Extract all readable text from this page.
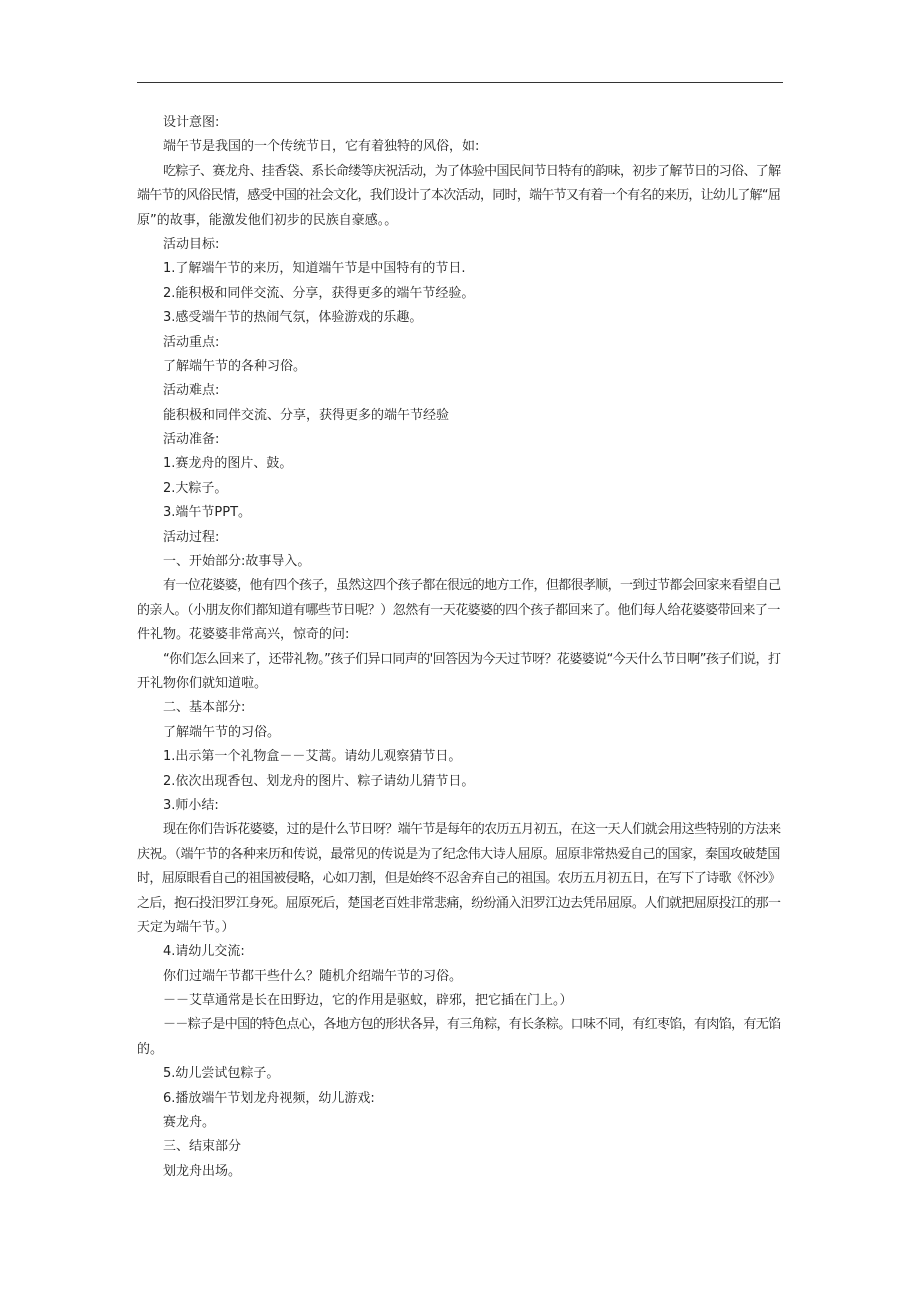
设计意图:
端午节是我国的一个传统节日，它有着独特的风俗，如:
吃粽子、赛龙舟、挂香袋、系长命缕等庆祝活动，为了体验中国民间节日特有的韵味，初步了解节日的习俗、了解
端午节的风俗民情，感受中国的社会文化，我们设计了本次活动，同时，端午节又有着一个有名的来历，让幼儿了解“屈
原”的故事，能激发他们初步的民族自豪感。。
活动目标:
1.了解端午节的来历，知道端午节是中国特有的节日.
2.能积极和同伴交流、分享，获得更多的端午节经验。
3.感受端午节的热闹气氛，体验游戏的乐趣。
活动重点:
了解端午节的各种习俗。
活动难点:
能积极和同伴交流、分享，获得更多的端午节经验
活动准备:
1.赛龙舟的图片、鼓。
2.大粽子。
3.端午节PPT。
活动过程:
一、开始部分:故事导入。
有一位花婆婆，他有四个孩子，虽然这四个孩子都在很远的地方工作，但都很孝顺，一到过节都会回家来看望自己
的亲人。（小朋友你们都知道有哪些节日呢？）忽然有一天花婆婆的四个孩子都回来了。他们每人给花婆婆带回来了一
件礼物。花婆婆非常高兴，惊奇的问:
“你们怎么回来了，还带礼物。”孩子们异口同声的'回答因为今天过节呀？花婆婆说“今天什么节日啊”孩子们说，打
开礼物你们就知道啦。
二、基本部分:
了解端午节的习俗。
1.出示第一个礼物盒－－艾蒿。请幼儿观察猜节日。
2.依次出现香包、划龙舟的图片、粽子请幼儿猜节日。
3.师小结:
现在你们告诉花婆婆，过的是什么节日呀？端午节是每年的农历五月初五，在这一天人们就会用这些特别的方法来
庆祝。（端午节的各种来历和传说，最常见的传说是为了纪念伟大诗人屈原。屈原非常热爱自己的国家，秦国攻破楚国
时，屈原眼看自己的祖国被侵略，心如刀割，但是始终不忍舍弃自己的祖国。农历五月初五日，在写下了诗歌《怀沙》
之后，抱石投汨罗江身死。屈原死后，楚国老百姓非常悲痛，纷纷涌入汨罗江边去凭吊屈原。人们就把屈原投江的那一
天定为端午节。）
4.请幼儿交流:
你们过端午节都干些什么？随机介绍端午节的习俗。
－－艾草通常是长在田野边，它的作用是驱蚊，辟邪，把它插在门上。）
－－粽子是中国的特色点心，各地方包的形状各异，有三角粽，有长条粽。口味不同，有红枣馅，有肉馅，有无馅
的。
5.幼儿尝试包粽子。
6.播放端午节划龙舟视频，幼儿游戏:
赛龙舟。
三、结束部分
划龙舟出场。
